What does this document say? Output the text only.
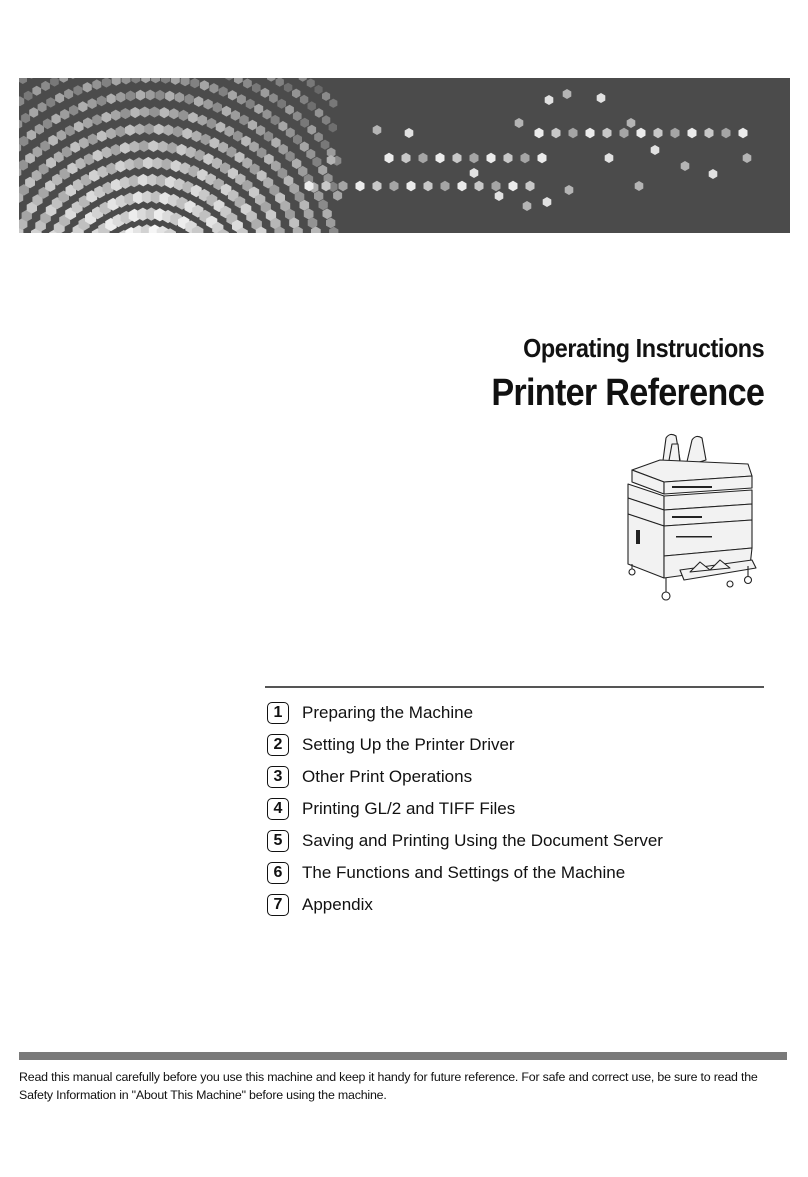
Operating Instructions
Printer Reference
1	Preparing the Machine
2	Setting Up the Printer Driver
3	Other Print Operations
4	Printing GL/2 and TIFF Files
5	Saving and Printing Using the Document Server
6	The Functions and Settings of the Machine
7	Appendix

Read this manual carefully before you use this machine and keep it handy for future reference. For safe and correct use, be sure to read the Safety Information in "About This Machine" before using the machine.
